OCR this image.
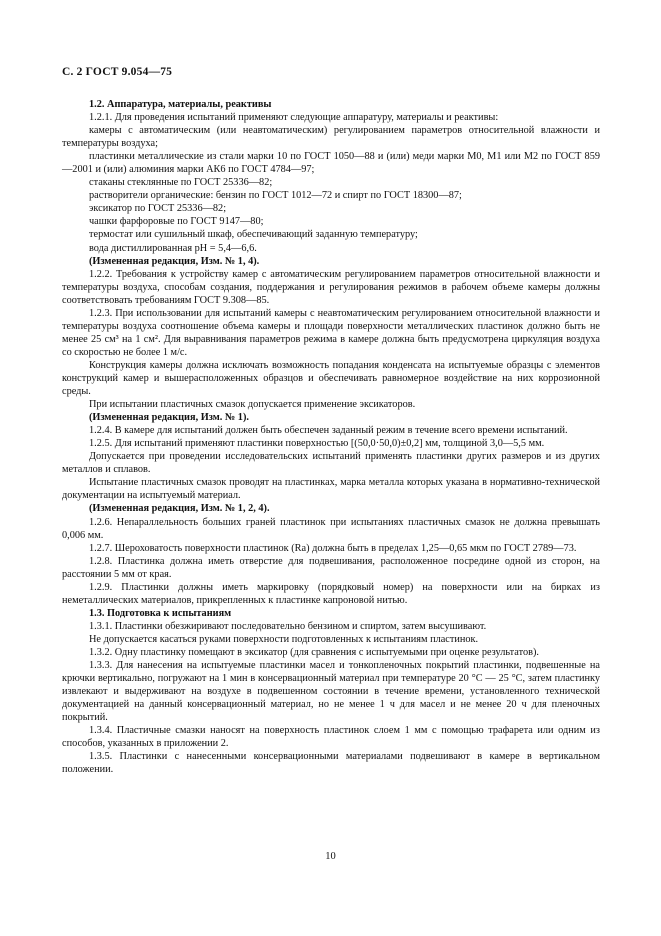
С. 2 ГОСТ 9.054—75

1.2. Аппаратура, материалы, реактивы

1.2.1. Для проведения испытаний применяют следующие аппаратуру, материалы и реактивы:

камеры с автоматическим (или неавтоматическим) регулированием параметров относительной влажности и температуры воздуха;

пластинки металлические из стали марки 10 по ГОСТ 1050—88 и (или) меди марки М0, М1 или М2 по ГОСТ 859—2001 и (или) алюминия марки АК6 по ГОСТ 4784—97;

стаканы стеклянные по ГОСТ 25336—82;

растворители органические: бензин по ГОСТ 1012—72 и спирт по ГОСТ 18300—87;

эксикатор по ГОСТ 25336—82;

чашки фарфоровые по ГОСТ 9147—80;

термостат или сушильный шкаф, обеспечивающий заданную температуру;

вода дистиллированная рН = 5,4—6,6.

(Измененная редакция, Изм. № 1, 4).

1.2.2. Требования к устройству камер с автоматическим регулированием параметров относительной влажности и температуры воздуха, способам создания, поддержания и регулирования режимов в рабочем объеме камеры должны соответствовать требованиям ГОСТ 9.308—85.

1.2.3. При использовании для испытаний камеры с неавтоматическим регулированием относительной влажности и температуры воздуха соотношение объема камеры и площади поверхности металлических пластинок должно быть не менее 25 см³ на 1 см². Для выравнивания параметров режима в камере должна быть предусмотрена циркуляция воздуха со скоростью не более 1 м/с.

Конструкция камеры должна исключать возможность попадания конденсата на испытуемые образцы с элементов конструкций камер и вышерасположенных образцов и обеспечивать равномерное воздействие на них коррозионной среды.

При испытании пластичных смазок допускается применение эксикаторов.

(Измененная редакция, Изм. № 1).

1.2.4. В камере для испытаний должен быть обеспечен заданный режим в течение всего времени испытаний.

1.2.5. Для испытаний применяют пластинки поверхностью [(50,0·50,0)±0,2] мм, толщиной 3,0—5,5 мм.

Допускается при проведении исследовательских испытаний применять пластинки других размеров и из других металлов и сплавов.

Испытание пластичных смазок проводят на пластинках, марка металла которых указана в нормативно-технической документации на испытуемый материал.

(Измененная редакция, Изм. № 1, 2, 4).

1.2.6. Непараллельность больших граней пластинок при испытаниях пластичных смазок не должна превышать 0,006 мм.

1.2.7. Шероховатость поверхности пластинок (Ra) должна быть в пределах 1,25—0,65 мкм по ГОСТ 2789—73.

1.2.8. Пластинка должна иметь отверстие для подвешивания, расположенное посредине одной из сторон, на расстоянии 5 мм от края.

1.2.9. Пластинки должны иметь маркировку (порядковый номер) на поверхности или на бирках из неметаллических материалов, прикрепленных к пластинке капроновой нитью.

1.3. Подготовка к испытаниям

1.3.1. Пластинки обезжиривают последовательно бензином и спиртом, затем высушивают.

Не допускается касаться руками поверхности подготовленных к испытаниям пластинок.

1.3.2. Одну пластинку помещают в эксикатор (для сравнения с испытуемыми при оценке результатов).

1.3.3. Для нанесения на испытуемые пластинки масел и тонкопленочных покрытий пластинки, подвешенные на крючки вертикально, погружают на 1 мин в консервационный материал при температуре 20 °С — 25 °С, затем пластинку извлекают и выдерживают на воздухе в подвешенном состоянии в течение времени, установленного технической документацией на данный консервационный материал, но не менее 1 ч для масел и не менее 20 ч для пленочных покрытий.

1.3.4. Пластичные смазки наносят на поверхность пластинок слоем 1 мм с помощью трафарета или одним из способов, указанных в приложении 2.

1.3.5. Пластинки с нанесенными консервационными материалами подвешивают в камере в вертикальном положении.

10
